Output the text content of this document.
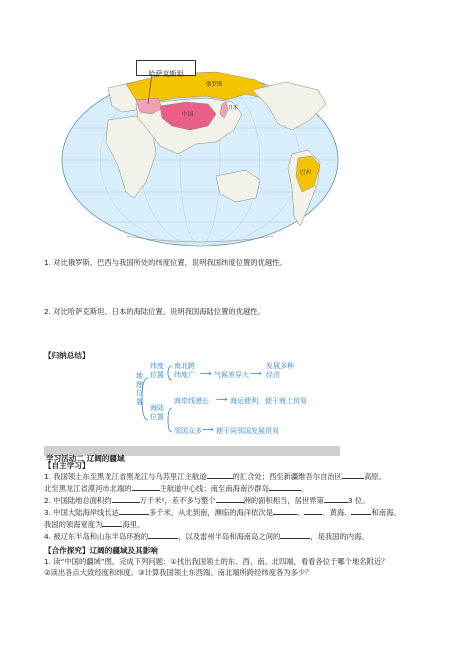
俄罗斯
中国
日本
巴西
哈萨克斯坦
1. 对比俄罗斯、巴西与我国所处的纬度位置，说明我国纬度位置的优越性。
2. 对比哈萨克斯坦、日本的海陆位置，说明我国海陆位置的优越性。
【归纳总结】
地理位置
纬度位置
南北跨纬度广 ⟶ 气候差异大 ⟶
发展多种经济
海陆位置
海岸线漫长 ⟶ 海运便利，便于海上贸易
邻国众多 ⟶ 便于同邻国发展贸易
学习活动二 辽阔的疆域
【自主学习】
1. 我国领土东至黑龙江省黑龙江与乌苏里江主航道	的汇合处；西至新疆维吾尔自治区	高原。
北至黑龙江省漠河市北端的	主航道中心线；南至南海南沙群岛	。
2. 中国陆地总面积约	万千米²，差不多与整个	洲的面积相当，居世界第	3 位。
3. 中国大陆海岸线长达	多千米，从北到南，濒临的海洋依次是	、 、黄海、	和南海。
我国的领海宽度为	海里。
4. 被辽东半岛和山东半岛环抱的	，以及雷州半岛和海南岛之间的	，是我国的内海。
【合作探究】辽阔的疆域及其影响
1. 读“中国的疆域”图，完成下列问题：①找出我国领土的东、西、南、北四端，看看各位于哪个地名附近？
②读出各点大致经度和纬度。③计算我国领土东西端、南北端所跨经纬度各为多少？
